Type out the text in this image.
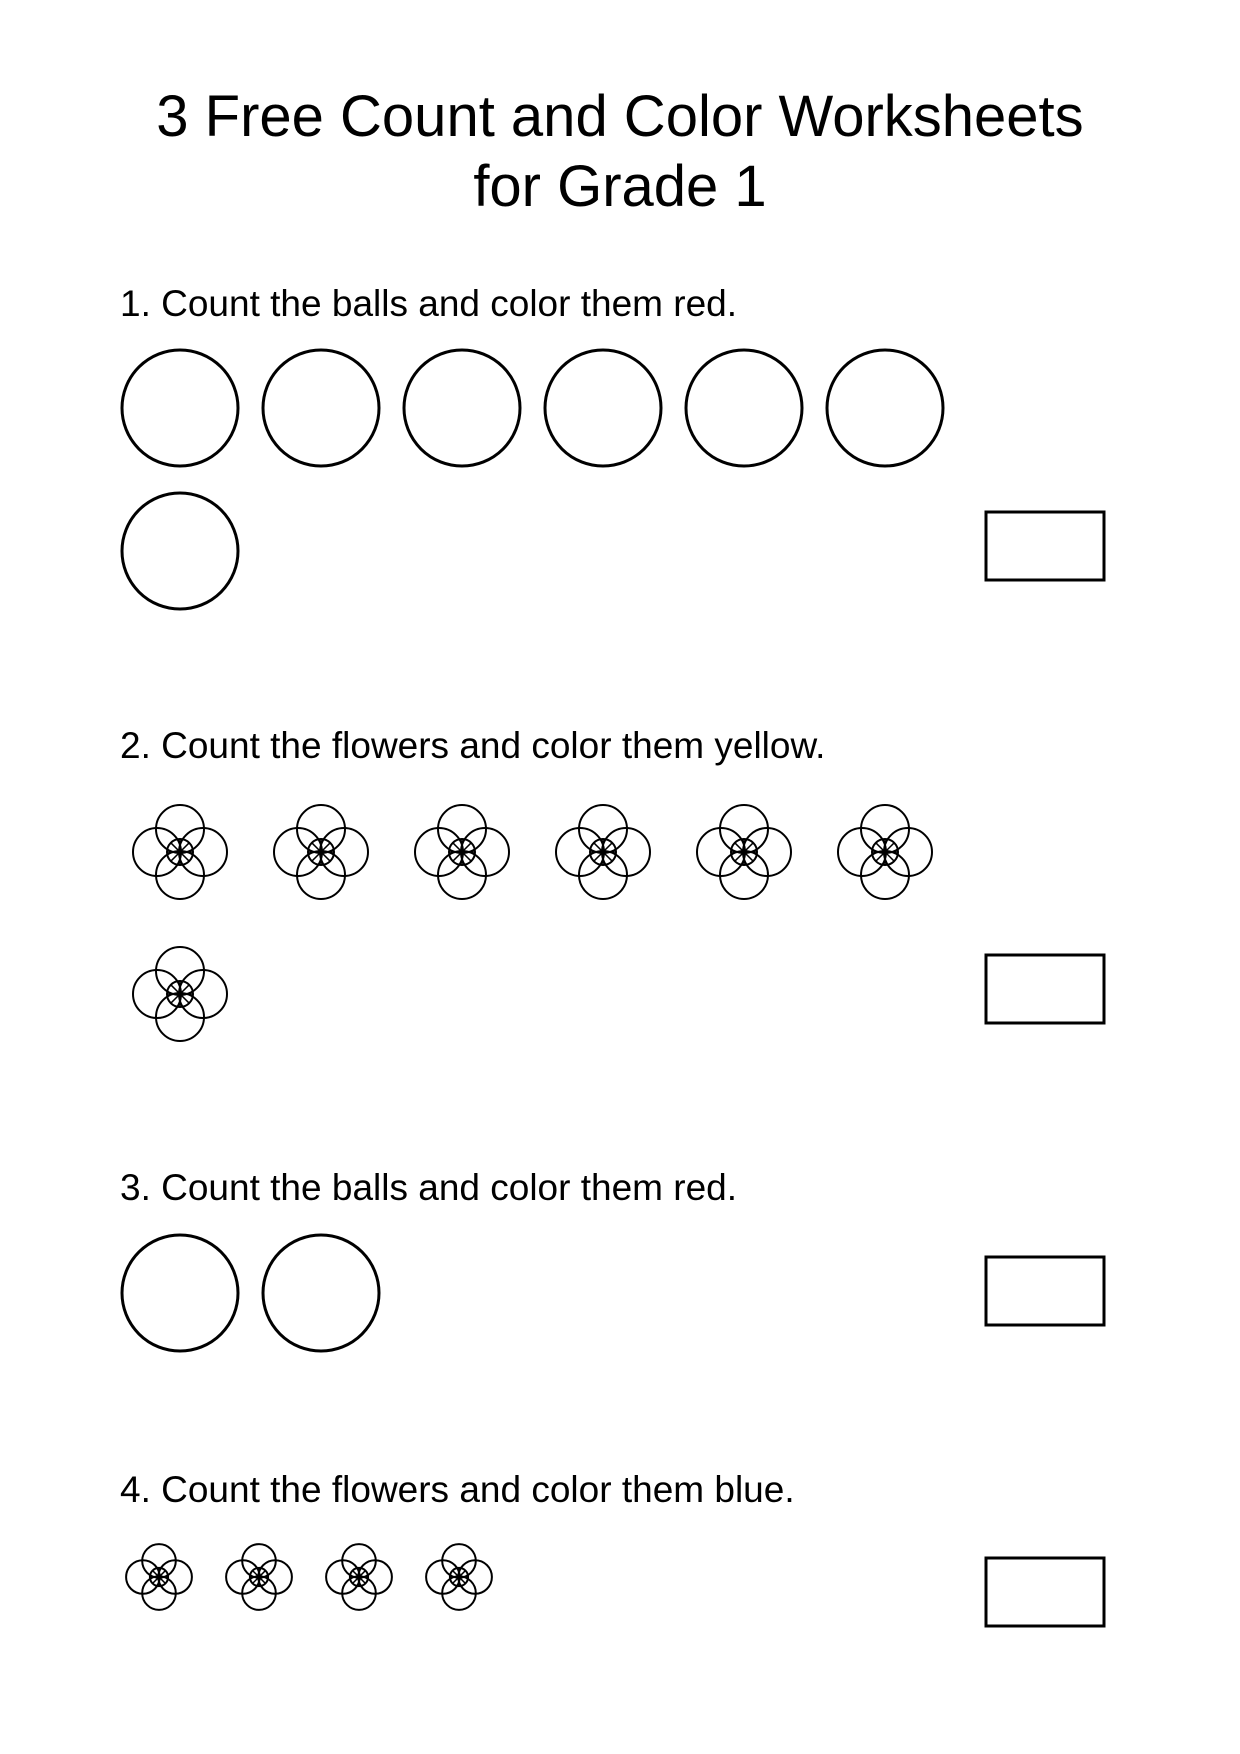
3 Free Count and Color Worksheets
for Grade 1

1. Count the balls and color them red.

2. Count the flowers and color them yellow.

3. Count the balls and color them red.

4. Count the flowers and color them blue.
